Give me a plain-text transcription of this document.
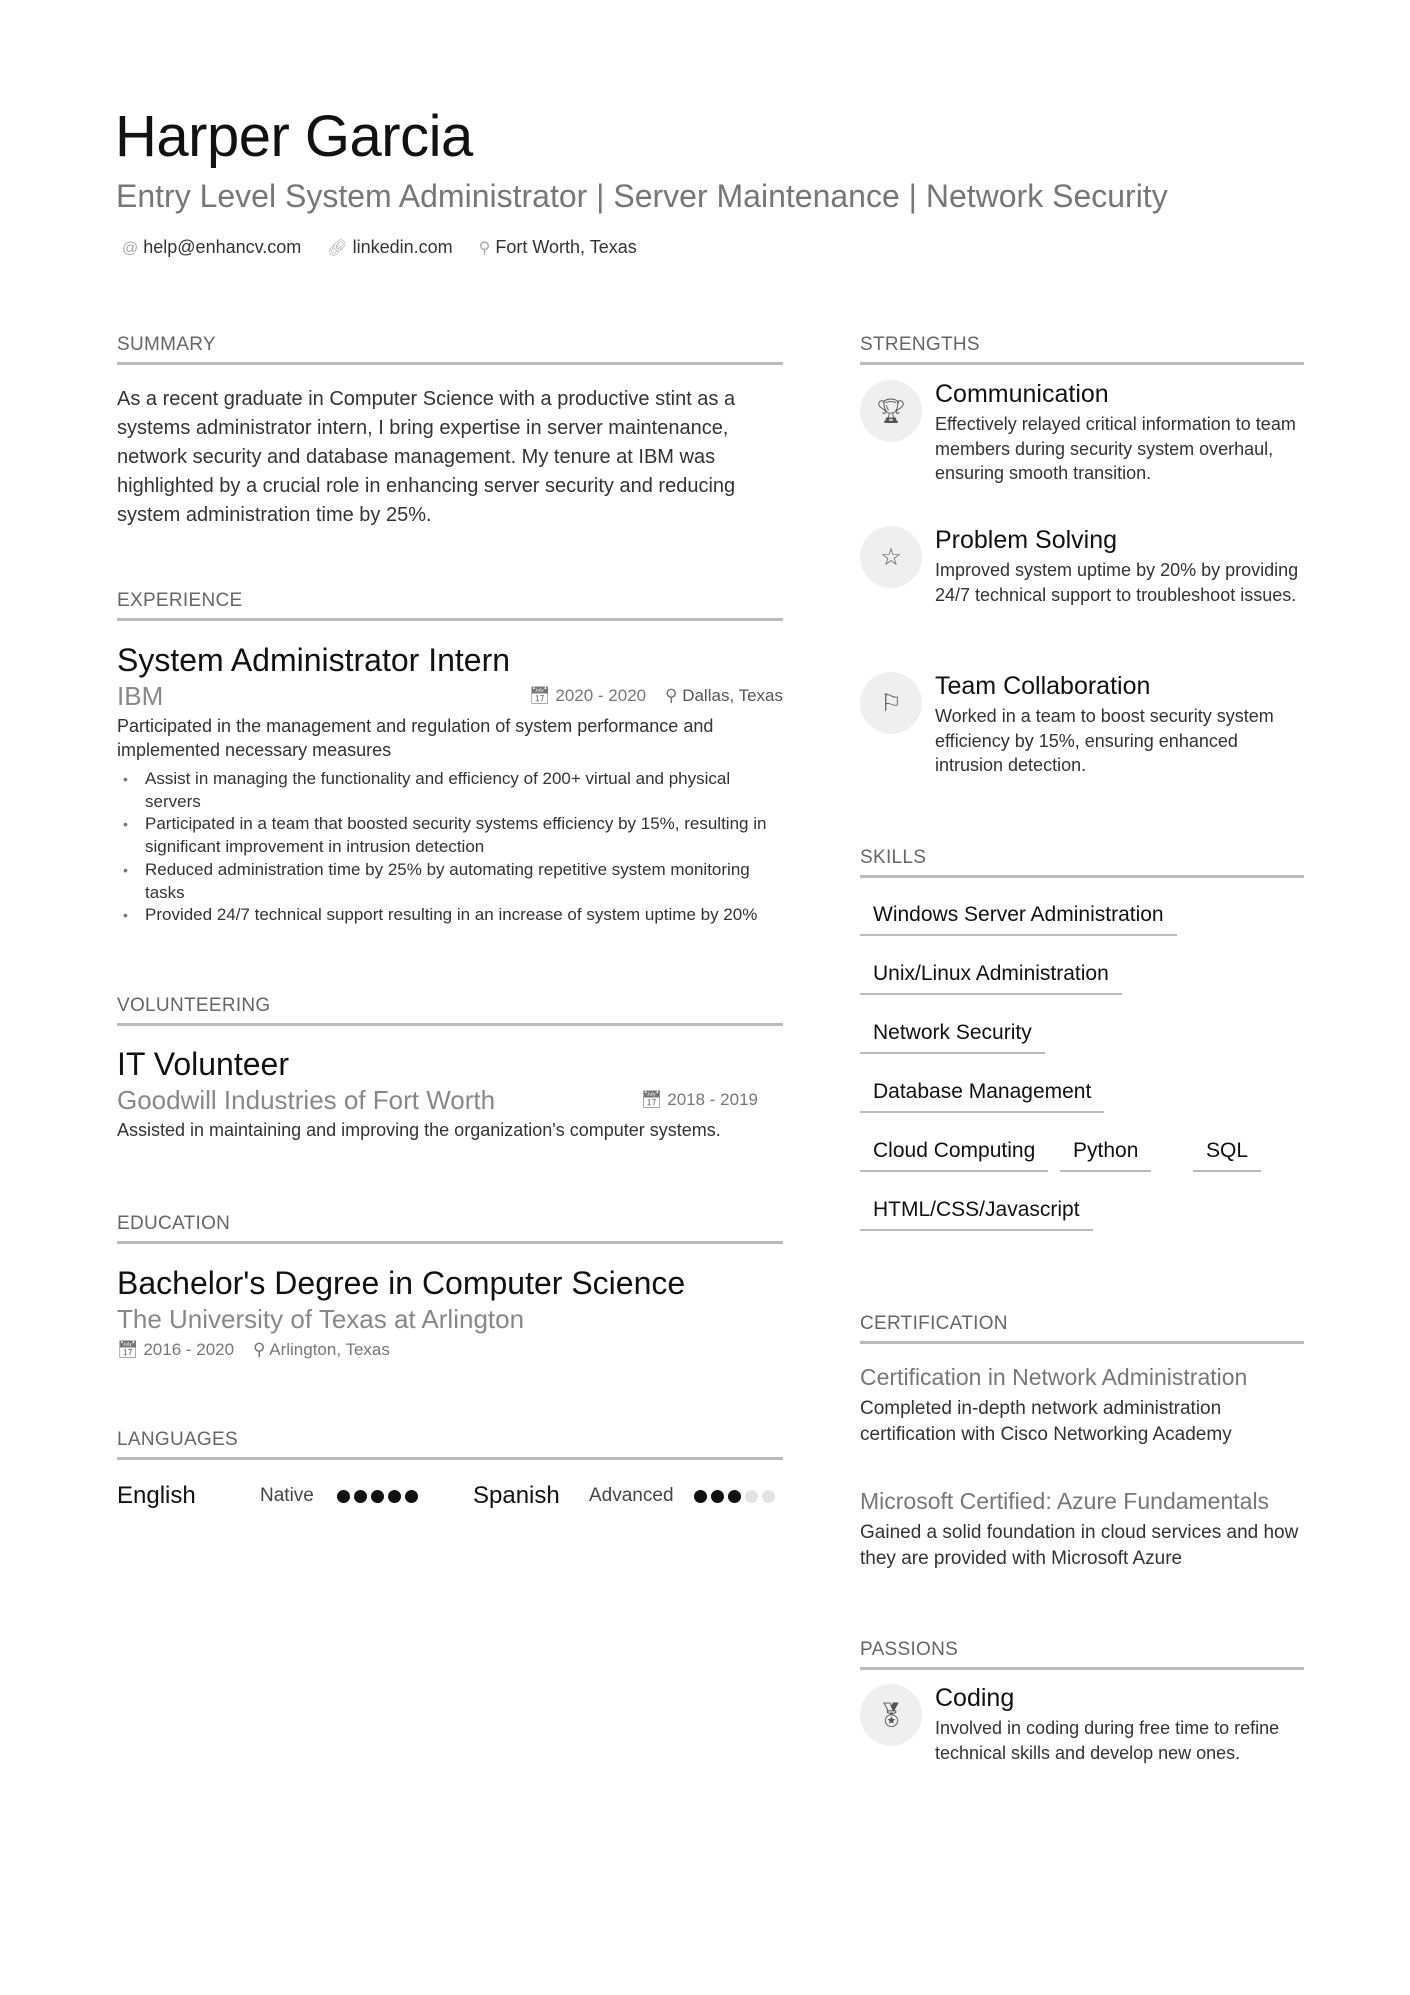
Harper Garcia
Entry Level System Administrator | Server Maintenance | Network Security
@ help@enhancv.com 🔗︎ linkedin.com ⚲ Fort Worth, Texas
SUMMARY
As a recent graduate in Computer Science with a productive stint as a systems administrator intern, I bring expertise in server maintenance, network security and database management. My tenure at IBM was highlighted by a crucial role in enhancing server security and reducing system administration time by 25%.
EXPERIENCE
System Administrator Intern
IBM	📅︎ 2020 - 2020 ⚲ Dallas, Texas
Participated in the management and regulation of system performance and implemented necessary measures
• Assist in managing the functionality and efficiency of 200+ virtual and physical servers
• Participated in a team that boosted security systems efficiency by 15%, resulting in significant improvement in intrusion detection
• Reduced administration time by 25% by automating repetitive system monitoring tasks
• Provided 24/7 technical support resulting in an increase of system uptime by 20%
VOLUNTEERING
IT Volunteer
Goodwill Industries of Fort Worth	📅︎ 2018 - 2019
Assisted in maintaining and improving the organization's computer systems.
EDUCATION
Bachelor's Degree in Computer Science
The University of Texas at Arlington
📅︎ 2016 - 2020 ⚲ Arlington, Texas
LANGUAGES
English	Native	Spanish	Advanced
STRENGTHS
🏆︎
Communication
Effectively relayed critical information to team members during security system overhaul, ensuring smooth transition.
☆
Problem Solving
Improved system uptime by 20% by providing 24/7 technical support to troubleshoot issues.
⚐
Team Collaboration
Worked in a team to boost security system efficiency by 15%, ensuring enhanced intrusion detection.
SKILLS
Windows Server Administration
Unix/Linux Administration
Network Security
Database Management
Cloud Computing	Python	SQL
HTML/CSS/Javascript
CERTIFICATION
Certification in Network Administration
Completed in-depth network administration certification with Cisco Networking Academy
Microsoft Certified: Azure Fundamentals
Gained a solid foundation in cloud services and how they are provided with Microsoft Azure
PASSIONS
🏅︎
Coding
Involved in coding during free time to refine technical skills and develop new ones.
